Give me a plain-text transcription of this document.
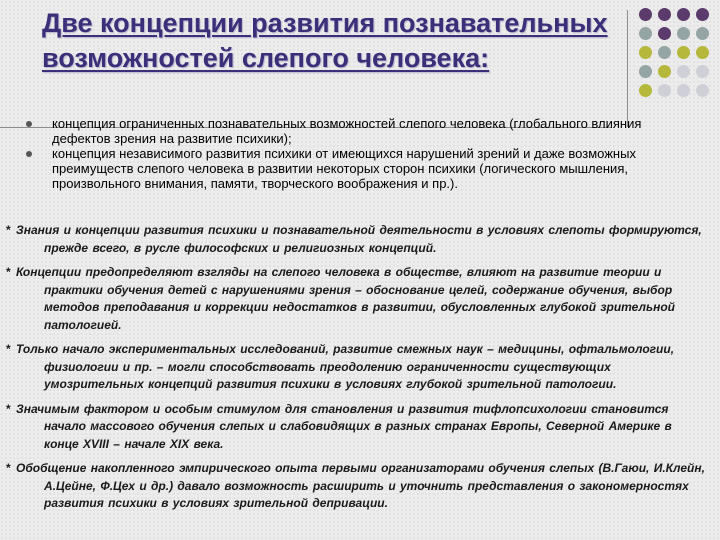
Две концепции развития познавательных возможностей слепого человека:
концепция ограниченных познавательных возможностей слепого человека (глобального влияния дефектов зрения на развитие психики);
концепция независимого развития психики от имеющихся нарушений зрений и даже возможных преимуществ слепого человека в развитии некоторых сторон психики (логического мышления, произвольного внимания, памяти, творческого воображения и пр.).
* Знания и концепции развития психики и познавательной деятельности в условиях слепоты формируются, прежде всего, в русле философских и религиозных концепций.
* Концепции предопределяют взгляды на слепого человека в обществе, влияют на развитие теории и практики обучения детей с нарушениями зрения – обоснование целей, содержание обучения, выбор методов преподавания и коррекции недостатков в развитии, обусловленных глубокой зрительной патологией.
* Только начало экспериментальных исследований, развитие смежных наук – медицины, офтальмологии, физиологии и пр. – могли способствовать преодолению ограниченности существующих умозрительных концепций развития психики в условиях глубокой зрительной патологии.
* Значимым фактором и особым стимулом для становления и развития тифлопсихологии становится начало массового обучения слепых и слабовидящих в разных странах Европы, Северной Америке в конце XVIII – начале XIX века.
* Обобщение накопленного эмпирического опыта первыми организаторами обучения слепых (В.Гаюи, И.Клейн, А.Цейне, Ф.Цех и др.) давало возможность расширить и уточнить представления о закономерностях развития психики в условиях зрительной депривации.
